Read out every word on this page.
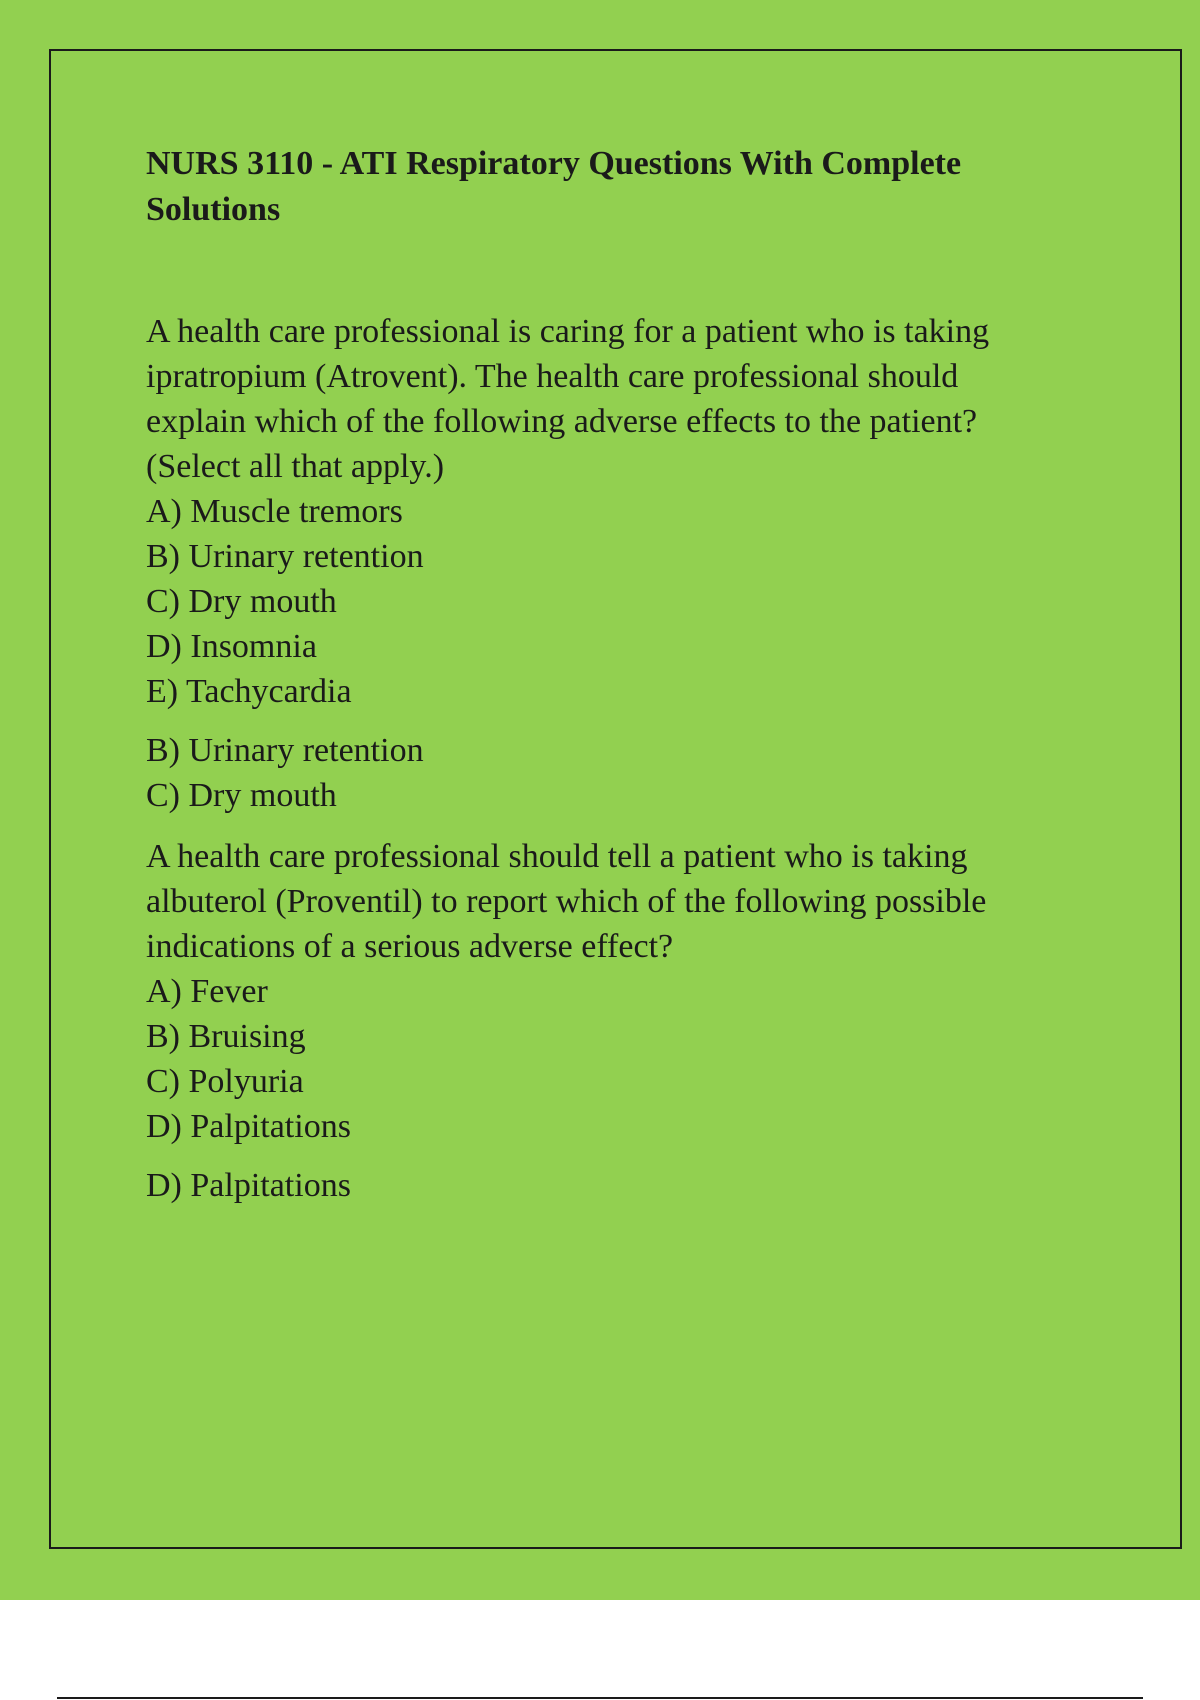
NURS 3110 - ATI Respiratory Questions With Complete Solutions

A health care professional is caring for a patient who is taking ipratropium (Atrovent). The health care professional should explain which of the following adverse effects to the patient? (Select all that apply.)

A) Muscle tremors
B) Urinary retention
C) Dry mouth
D) Insomnia
E) Tachycardia
B) Urinary retention
C) Dry mouth

A health care professional should tell a patient who is taking albuterol (Proventil) to report which of the following possible indications of a serious adverse effect?

A) Fever
B) Bruising
C) Polyuria
D) Palpitations
D) Palpitations
